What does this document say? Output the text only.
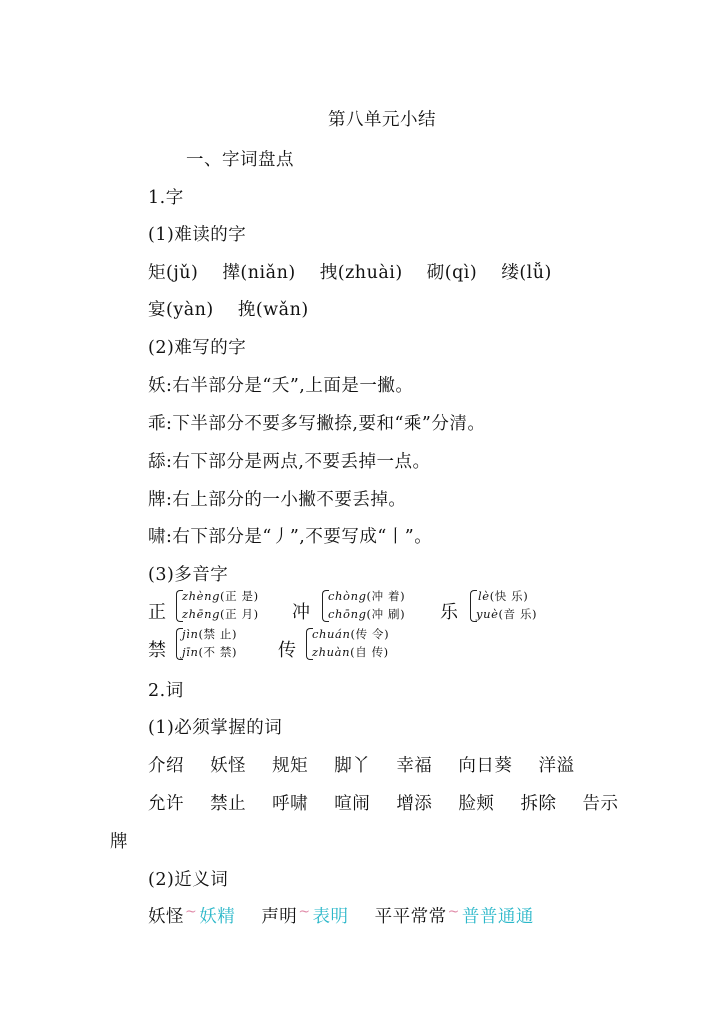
第八单元小结
一、字词盘点
1.字
(1)难读的字
矩(jǔ) 撵(niǎn) 拽(zhuài) 砌(qì) 缕(lǚ)
宴(yàn) 挽(wǎn)
(2)难写的字
妖:右半部分是“夭”,上面是一撇。
乖:下半部分不要多写撇捺,要和“乘”分清。
舔:右下部分是两点,不要丢掉一点。
牌:右上部分的一小撇不要丢掉。
啸:右下部分是“丿”,不要写成“丨”。
(3)多音字
正
zhèng(正 是)
zhēng(正 月) 冲
chòng(冲 着)
chōng(冲 刷) 乐
lè(快 乐)
yuè(音 乐)
禁
jìn(禁 止)
jīn(不 禁) 传
chuán(传 令)
zhuàn(自 传)
2.词
(1)必须掌握的词
介绍 妖怪 规矩 脚丫 幸福 向日葵 洋溢
允许 禁止 呼啸 喧闹 增添 脸颊 拆除 告示
牌
(2)近义词
妖怪~ 妖精 声明~ 表明 平平常常~ 普普通通
